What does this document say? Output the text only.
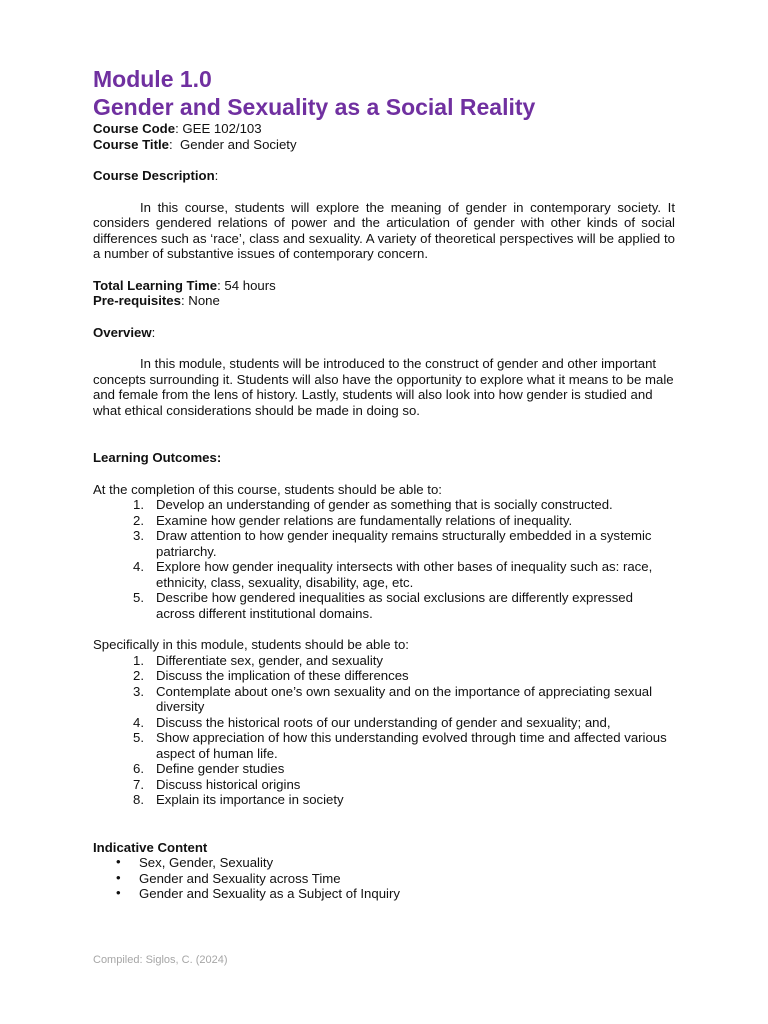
Module 1.0
Gender and Sexuality as a Social Reality

Course Code: GEE 102/103

Course Title:  Gender and Society

Course Description:

In this course, students will explore the meaning of gender in contemporary society. It considers gendered relations of power and the articulation of gender with other kinds of social differences such as ‘race’, class and sexuality. A variety of theoretical perspectives will be applied to a number of substantive issues of contemporary concern.

Total Learning Time: 54 hours

Pre-requisites: None

Overview:

In this module, students will be introduced to the construct of gender and other important concepts surrounding it. Students will also have the opportunity to explore what it means to be male and female from the lens of history. Lastly, students will also look into how gender is studied and what ethical considerations should be made in doing so.

Learning Outcomes:

At the completion of this course, students should be able to:

1. Develop an understanding of gender as something that is socially constructed.
2. Examine how gender relations are fundamentally relations of inequality.
3. Draw attention to how gender inequality remains structurally embedded in a systemic patriarchy.
4. Explore how gender inequality intersects with other bases of inequality such as: race, ethnicity, class, sexuality, disability, age, etc.
5. Describe how gendered inequalities as social exclusions are differently expressed across different institutional domains.

Specifically in this module, students should be able to:

1. Differentiate sex, gender, and sexuality
2. Discuss the implication of these differences
3. Contemplate about one’s own sexuality and on the importance of appreciating sexual diversity
4. Discuss the historical roots of our understanding of gender and sexuality; and,
5. Show appreciation of how this understanding evolved through time and affected various aspect of human life.
6. Define gender studies
7. Discuss historical origins
8. Explain its importance in society

Indicative Content

• Sex, Gender, Sexuality
• Gender and Sexuality across Time
• Gender and Sexuality as a Subject of Inquiry
Compiled: Siglos, C. (2024)
